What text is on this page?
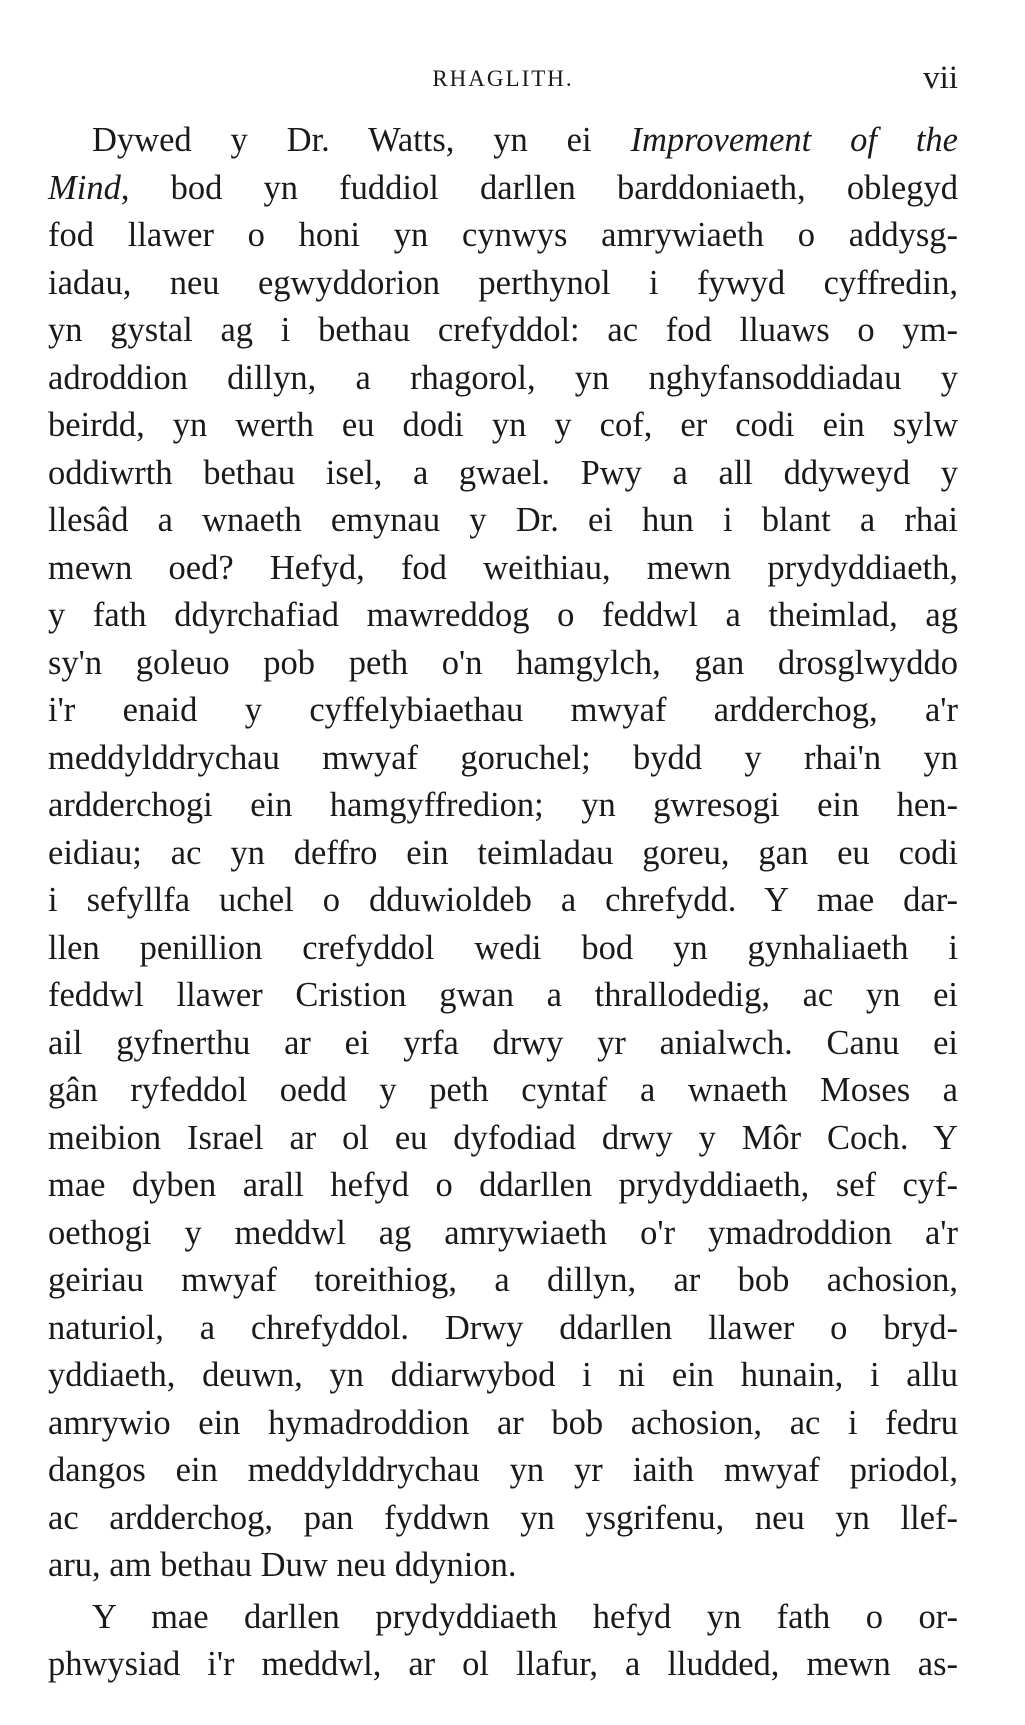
RHAGLITH.	vii
Dywed y Dr. Watts, yn ei Improvement of the
Mind, bod yn fuddiol darllen barddoniaeth, oblegyd
fod llawer o honi yn cynwys amrywiaeth o addysg-
iadau, neu egwyddorion perthynol i fywyd cyffredin,
yn gystal ag i bethau crefyddol: ac fod lluaws o ym-
adroddion dillyn, a rhagorol, yn nghyfansoddiadau y
beirdd, yn werth eu dodi yn y cof, er codi ein sylw
oddiwrth bethau isel, a gwael. Pwy a all ddyweyd y
llesâd a wnaeth emynau y Dr. ei hun i blant a rhai
mewn oed? Hefyd, fod weithiau, mewn prydyddiaeth,
y fath ddyrchafiad mawreddog o feddwl a theimlad, ag
sy'n goleuo pob peth o'n hamgylch, gan drosglwyddo
i'r enaid y cyffelybiaethau mwyaf ardderchog, a'r
meddylddrychau mwyaf goruchel; bydd y rhai'n yn
ardderchogi ein hamgyffredion; yn gwresogi ein hen-
eidiau; ac yn deffro ein teimladau goreu, gan eu codi
i sefyllfa uchel o dduwioldeb a chrefydd. Y mae dar-
llen penillion crefyddol wedi bod yn gynhaliaeth i
feddwl llawer Cristion gwan a thrallodedig, ac yn ei
ail gyfnerthu ar ei yrfa drwy yr anialwch. Canu ei
gân ryfeddol oedd y peth cyntaf a wnaeth Moses a
meibion Israel ar ol eu dyfodiad drwy y Môr Coch. Y
mae dyben arall hefyd o ddarllen prydyddiaeth, sef cyf-
oethogi y meddwl ag amrywiaeth o'r ymadroddion a'r
geiriau mwyaf toreithiog, a dillyn, ar bob achosion,
naturiol, a chrefyddol. Drwy ddarllen llawer o bryd-
yddiaeth, deuwn, yn ddiarwybod i ni ein hunain, i allu
amrywio ein hymadroddion ar bob achosion, ac i fedru
dangos ein meddylddrychau yn yr iaith mwyaf priodol,
ac ardderchog, pan fyddwn yn ysgrifenu, neu yn llef-
aru, am bethau Duw neu ddynion.
Y mae darllen prydyddiaeth hefyd yn fath o or-
phwysiad i'r meddwl, ar ol llafur, a lludded, mewn as-
